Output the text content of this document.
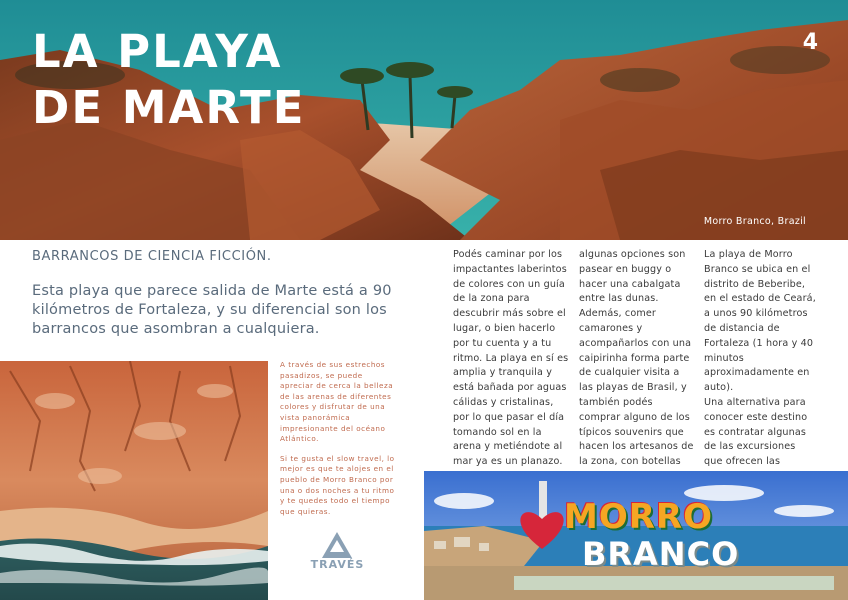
LA PLAYA
DE MARTE
4
Morro Branco, Brazil
BARRANCOS DE CIENCIA FICCIÓN.

Esta playa que parece salida de Marte está a 90 kilómetros de Fortaleza, y su diferencial son los barrancos que asombran a cualquiera.

Podés caminar por los impactantes laberintos de colores con un guía de la zona para descubrir más sobre el lugar, o bien hacerlo por tu cuenta y a tu ritmo. La playa en sí es amplia y tranquila y está bañada por aguas cálidas y cristalinas, por lo que pasar el día tomando sol en la arena y metiéndote al mar ya es un planazo.

algunas opciones son pasear en buggy o hacer una cabalgata entre las dunas.

Además, comer camarones y acompañarlos con una caipirinha forma parte de cualquier visita a las playas de Brasil, y también podés comprar alguno de los típicos souvenirs que hacen los artesanos de la zona, con botellas

La playa de Morro Branco se ubica en el distrito de Beberibe, en el estado de Ceará, a unos 90 kilómetros de distancia de Fortaleza (1 hora y 40 minutos aproximadamente en auto).

Una alternativa para conocer este destino es contratar algunas de las excursiones que ofrecen las

A través de sus estrechos pasadizos, se puede apreciar de cerca la belleza de las arenas de diferentes colores y disfrutar de una vista panorámica impresionante del océano Atlántico.

Si te gusta el slow travel, lo mejor es que te alojes en el pueblo de Morro Branco por una o dos noches a tu ritmo y te quedes todo el tiempo que quieras.

TRAVÉS
MORRO
BRANCO
